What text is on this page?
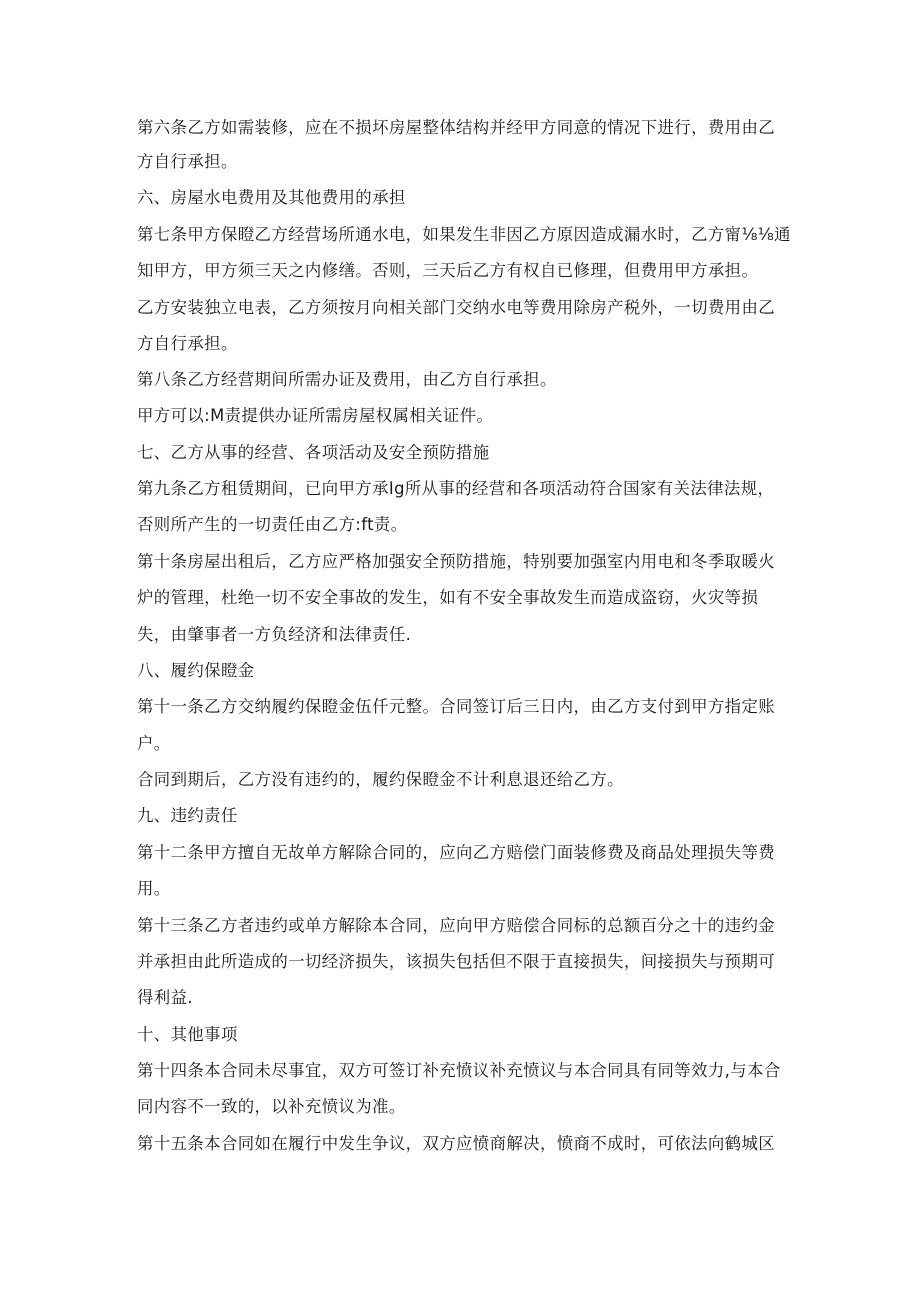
第六条乙方如需装修，应在不损坏房屋整体结构并经甲方同意的情况下进行，费用由乙
方自行承担。
六、房屋水电费用及其他费用的承担
第七条甲方保瞪乙方经营场所通水电，如果发生非因乙方原因造成漏水时，乙方甯⅛⅛通
知甲方，甲方须三天之内修缮。否则，三天后乙方有权自已修理，但费用甲方承担。
乙方安装独立电表，乙方须按月向相关部门交纳水电等费用除房产税外，一切费用由乙
方自行承担。
第八条乙方经营期间所需办证及费用，由乙方自行承担。
甲方可以:M责提供办证所需房屋权属相关证件。
七、乙方从事的经营、各项活动及安全预防措施
第九条乙方租赁期间，已向甲方承Ig所从事的经营和各项活动符合国家有关法律法规，
否则所产生的一切责任由乙方:ft责。
第十条房屋出租后，乙方应严格加强安全预防措施，特别要加强室内用电和冬季取暖火
炉的管理，杜绝一切不安全事故的发生，如有不安全事故发生而造成盗窃，火灾等损
失，由肇事者一方负经济和法律责任.
八、履约保瞪金
第十一条乙方交纳履约保瞪金伍仟元整。合同签订后三日内，由乙方支付到甲方指定账
户。
合同到期后，乙方没有违约的，履约保瞪金不计利息退还给乙方。
九、违约责任
第十二条甲方擅自无故单方解除合同的，应向乙方赔偿门面装修费及商品处理损失等费
用。
第十三条乙方者违约或单方解除本合同，应向甲方赔偿合同标的总额百分之十的违约金
并承担由此所造成的一切经济损失，该损失包括但不限于直接损失，间接损失与预期可
得利益.
十、其他事项
第十四条本合同未尽事宜，双方可签订补充愤议补充愤议与本合同具有同等效力,与本合
同内容不一致的，以补充愤议为准。
第十五条本合同如在履行中发生争议，双方应愤商解决，愤商不成时，可依法向鹤城区
